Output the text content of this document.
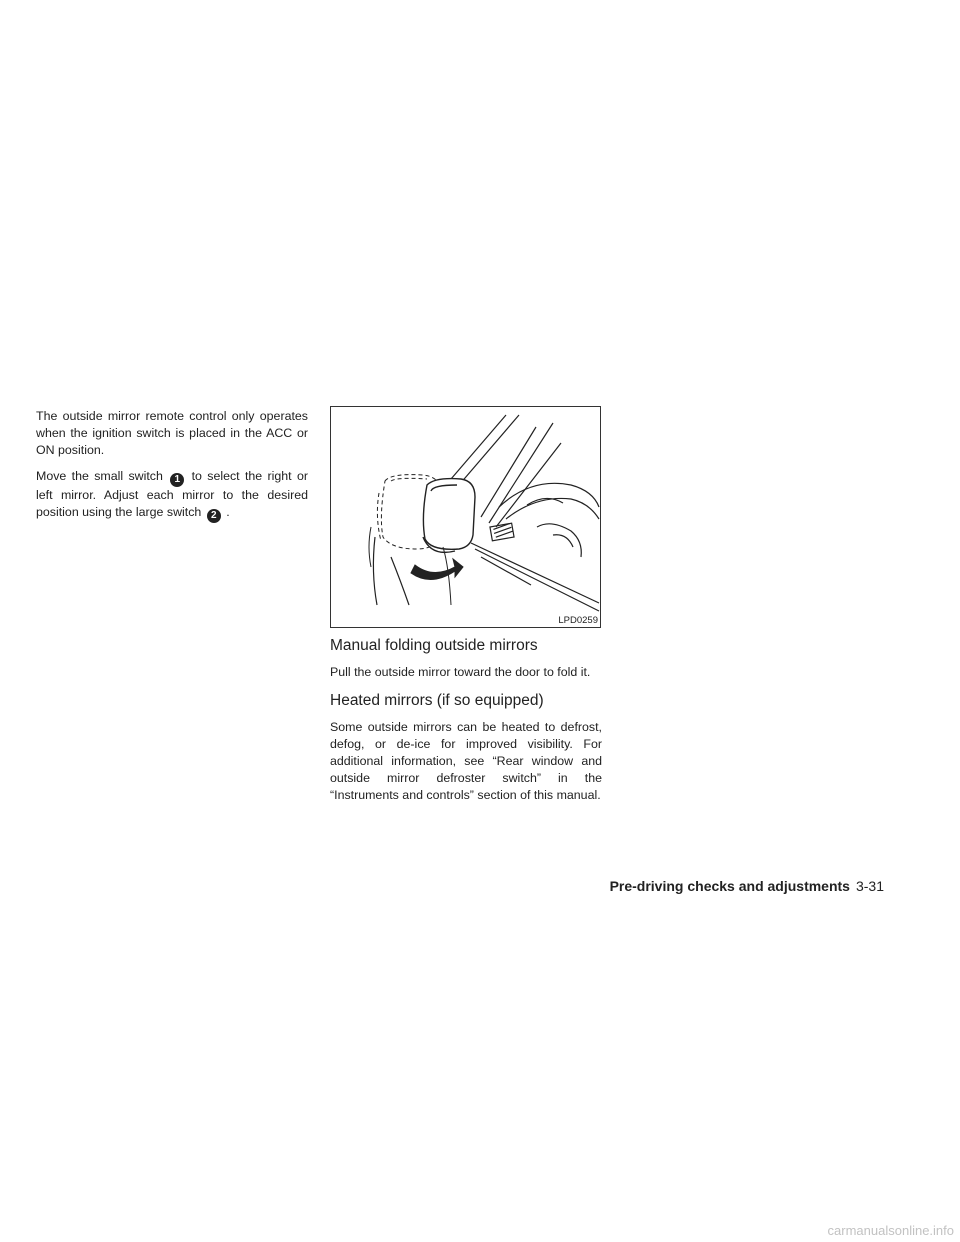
The outside mirror remote control only operates when the ignition switch is placed in the ACC or ON position.

Move the small switch 1 to select the right or left mirror. Adjust each mirror to the desired position using the large switch 2 .

LPD0259
Manual folding outside mirrors

Pull the outside mirror toward the door to fold it.

Heated mirrors (if so equipped)

Some outside mirrors can be heated to defrost, defog, or de-ice for improved visibility. For additional information, see “Rear window and outside mirror defroster switch” in the “Instruments and controls” section of this manual.

Pre-driving checks and adjustments 3-31
carmanualsonline.info
